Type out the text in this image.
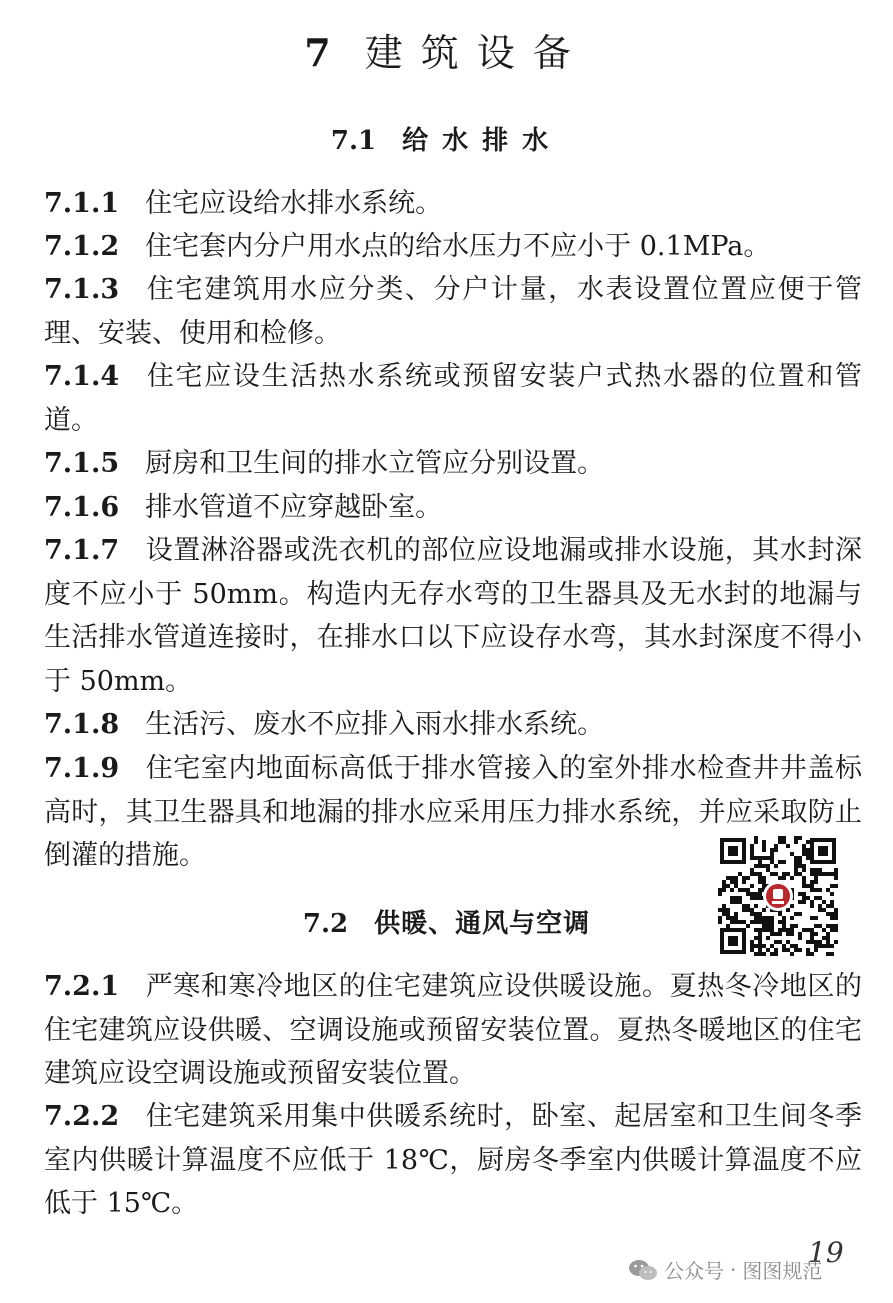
7 建筑设备
7.1 给水排水
7.1.1 住宅应设给水排水系统。
7.1.2 住宅套内分户用水点的给水压力不应小于 0.1MPa。
7.1.3 住宅建筑用水应分类、分户计量，水表设置位置应便于管理、安装、使用和检修。
7.1.4 住宅应设生活热水系统或预留安装户式热水器的位置和管道。
7.1.5 厨房和卫生间的排水立管应分别设置。
7.1.6 排水管道不应穿越卧室。
7.1.7 设置淋浴器或洗衣机的部位应设地漏或排水设施，其水封深度不应小于 50mm。构造内无存水弯的卫生器具及无水封的地漏与生活排水管道连接时，在排水口以下应设存水弯，其水封深度不得小于 50mm。
7.1.8 生活污、废水不应排入雨水排水系统。
7.1.9 住宅室内地面标高低于排水管接入的室外排水检查井井盖标高时，其卫生器具和地漏的排水应采用压力排水系统，并应采取防止倒灌的措施。
7.2 供暖、通风与空调
7.2.1 严寒和寒冷地区的住宅建筑应设供暖设施。夏热冬冷地区的住宅建筑应设供暖、空调设施或预留安装位置。夏热冬暖地区的住宅建筑应设空调设施或预留安装位置。
7.2.2 住宅建筑采用集中供暖系统时，卧室、起居室和卫生间冬季室内供暖计算温度不应低于 18℃，厨房冬季室内供暖计算温度不应低于 15℃。
19
公众号 · 图图规范
